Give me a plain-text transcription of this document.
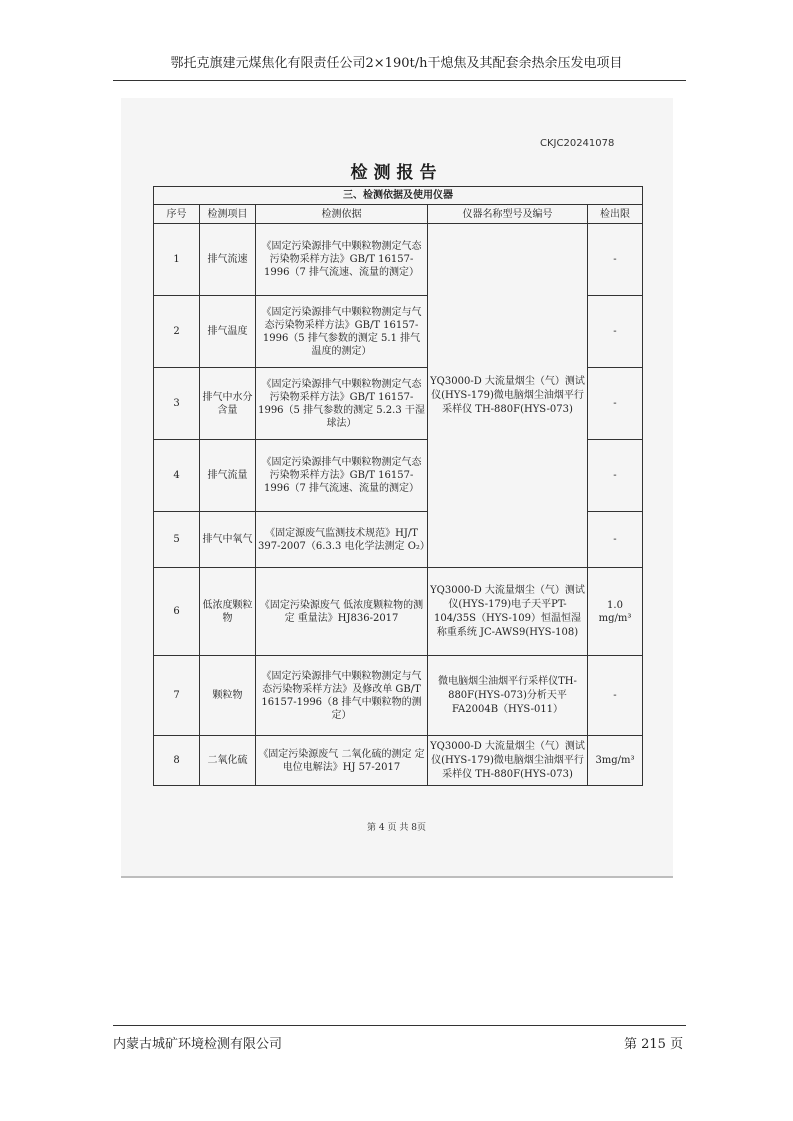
鄂托克旗建元煤焦化有限责任公司2×190t/h干熄焦及其配套余热余压发电项目
CKJC20241078
检测报告
三、检测依据及使用仪器				
序号	检测项目	检测依据	仪器名称型号及编号	检出限
1	排气流速	《固定污染源排气中颗粒物测定气态污染物采样方法》GB/T 16157-1996（7 排气流速、流量的测定）	YQ3000-D 大流量烟尘（气）测试仪(HYS-179)微电脑烟尘油烟平行采样仪 TH-880F(HYS-073)	-
2	排气温度	《固定污染源排气中颗粒物测定与气态污染物采样方法》GB/T 16157-1996（5 排气参数的测定 5.1 排气温度的测定）		-
3	排气中水分含量	《固定污染源排气中颗粒物测定气态污染物采样方法》GB/T 16157-1996（5 排气参数的测定 5.2.3 干湿球法）		-
4	排气流量	《固定污染源排气中颗粒物测定气态污染物采样方法》GB/T 16157-1996（7 排气流速、流量的测定）		-
5	排气中氧气	《固定源废气监测技术规范》HJ/T 397-2007（6.3.3 电化学法测定 O₂）		-
6	低浓度颗粒物	《固定污染源废气 低浓度颗粒物的测定 重量法》HJ836-2017	YQ3000-D 大流量烟尘（气）测试仪(HYS-179)电子天平PT-104/35S（HYS-109）恒温恒湿称重系统 JC-AWS9(HYS-108)	1.0 mg/m³
7	颗粒物	《固定污染源排气中颗粒物测定与气态污染物采样方法》及修改单 GB/T 16157-1996（8 排气中颗粒物的测定）	微电脑烟尘油烟平行采样仪TH-880F(HYS-073)分析天平 FA2004B（HYS-011）	-
8	二氧化硫	《固定污染源废气 二氧化硫的测定 定电位电解法》HJ 57-2017	YQ3000-D 大流量烟尘（气）测试仪(HYS-179)微电脑烟尘油烟平行采样仪 TH-880F(HYS-073)	3mg/m³
第 4 页 共 8页
内蒙古城矿环境检测有限公司	第 215 页
